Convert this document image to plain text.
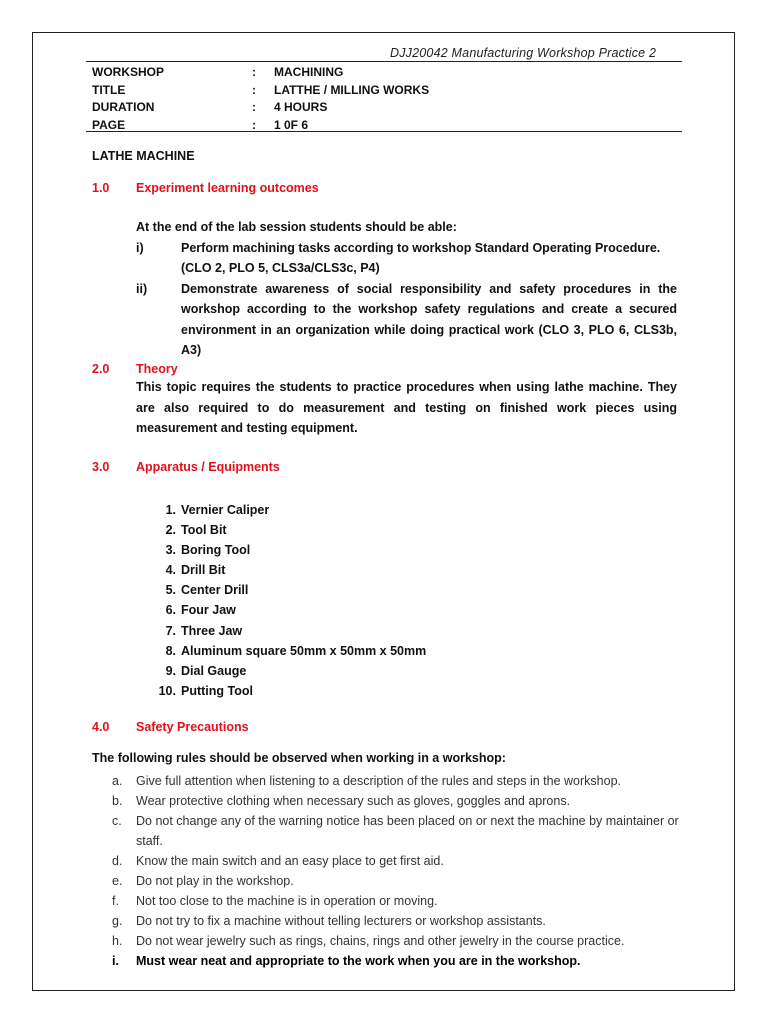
DJJ20042 Manufacturing Workshop Practice 2
WORKSHOP	: MACHINING
TITLE	: LATTHE / MILLING WORKS
DURATION	: 4 HOURS
PAGE	: 1 0F 6
LATHE MACHINE
1.0 Experiment learning outcomes
At the end of the lab session students should be able:
i)	Perform machining tasks according to workshop Standard Operating Procedure.
(CLO 2, PLO 5, CLS3a/CLS3c, P4)
ii)	Demonstrate awareness of social responsibility and safety procedures in the workshop according to the workshop safety regulations and create a secured environment in an organization while doing practical work (CLO 3, PLO 6, CLS3b, A3)
2.0 Theory
This topic requires the students to practice procedures when using lathe machine. They are also required to do measurement and testing on finished work pieces using measurement and testing equipment.
3.0 Apparatus / Equipments
1. Vernier Caliper
2. Tool Bit
3. Boring Tool
4. Drill Bit
5. Center Drill
6. Four Jaw
7. Three Jaw
8. Aluminum square 50mm x 50mm x 50mm
9. Dial Gauge
10. Putting Tool
4.0 Safety Precautions
The following rules should be observed when working in a workshop:
a. Give full attention when listening to a description of the rules and steps in the workshop.
b. Wear protective clothing when necessary such as gloves, goggles and aprons.
c. Do not change any of the warning notice has been placed on or next the machine by maintainer or staff.
d. Know the main switch and an easy place to get first aid.
e. Do not play in the workshop.
f. Not too close to the machine is in operation or moving.
g. Do not try to fix a machine without telling lecturers or workshop assistants.
h. Do not wear jewelry such as rings, chains, rings and other jewelry in the course practice.
i. Must wear neat and appropriate to the work when you are in the workshop.
